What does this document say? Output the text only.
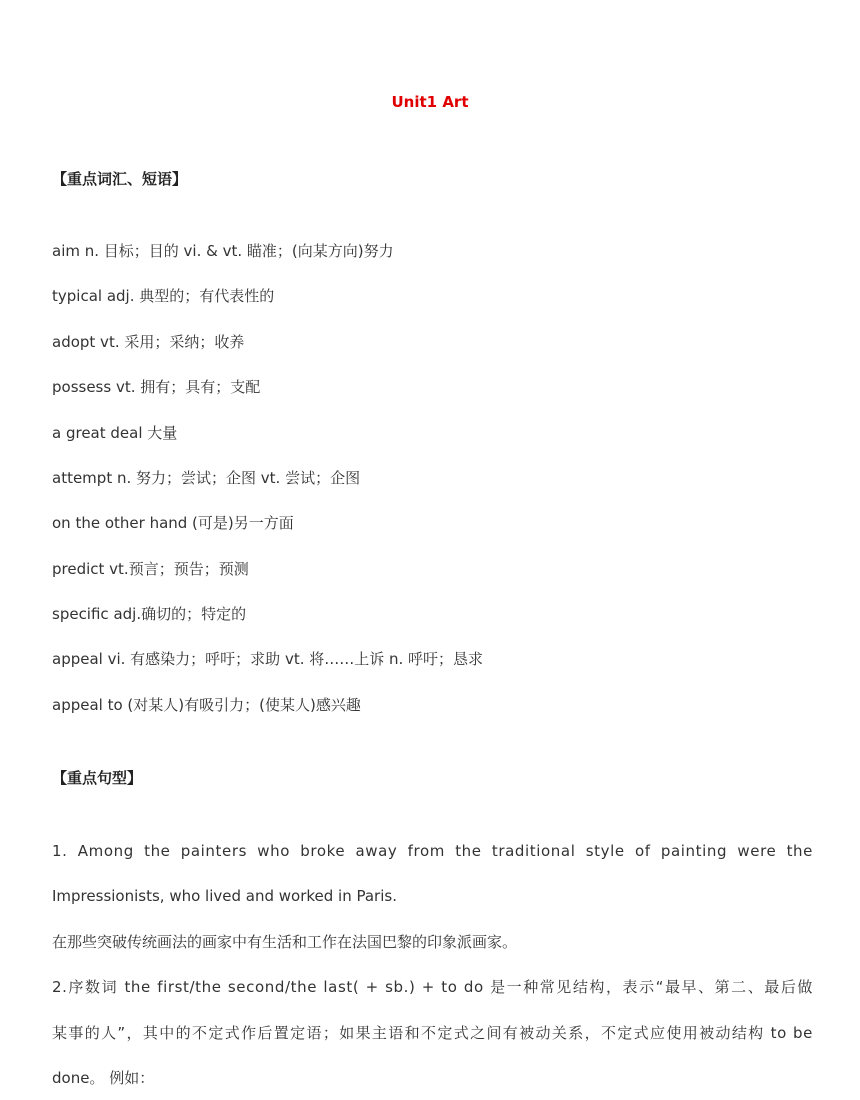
Unit1 Art
【重点词汇、短语】
aim n. 目标；目的 vi. & vt. 瞄准；(向某方向)努力
typical adj. 典型的；有代表性的
adopt vt. 采用；采纳；收养
possess vt. 拥有；具有；支配
a great deal 大量
attempt n. 努力；尝试；企图 vt. 尝试；企图
on the other hand (可是)另一方面
predict vt.预言；预告；预测
specific adj.确切的；特定的
appeal vi. 有感染力；呼吁；求助 vt. 将……上诉 n. 呼吁；恳求
appeal to (对某人)有吸引力；(使某人)感兴趣
【重点句型】
1. Among the painters who broke away from the traditional style of painting were the
Impressionists, who lived and worked in Paris.
在那些突破传统画法的画家中有生活和工作在法国巴黎的印象派画家。
2.序数词 the first/the second/the last( + sb.) + to do 是一种常见结构，表示“最早、第二、最后做
某事的人”，其中的不定式作后置定语；如果主语和不定式之间有被动关系，不定式应使用被动结构 to be
done。 例如：
